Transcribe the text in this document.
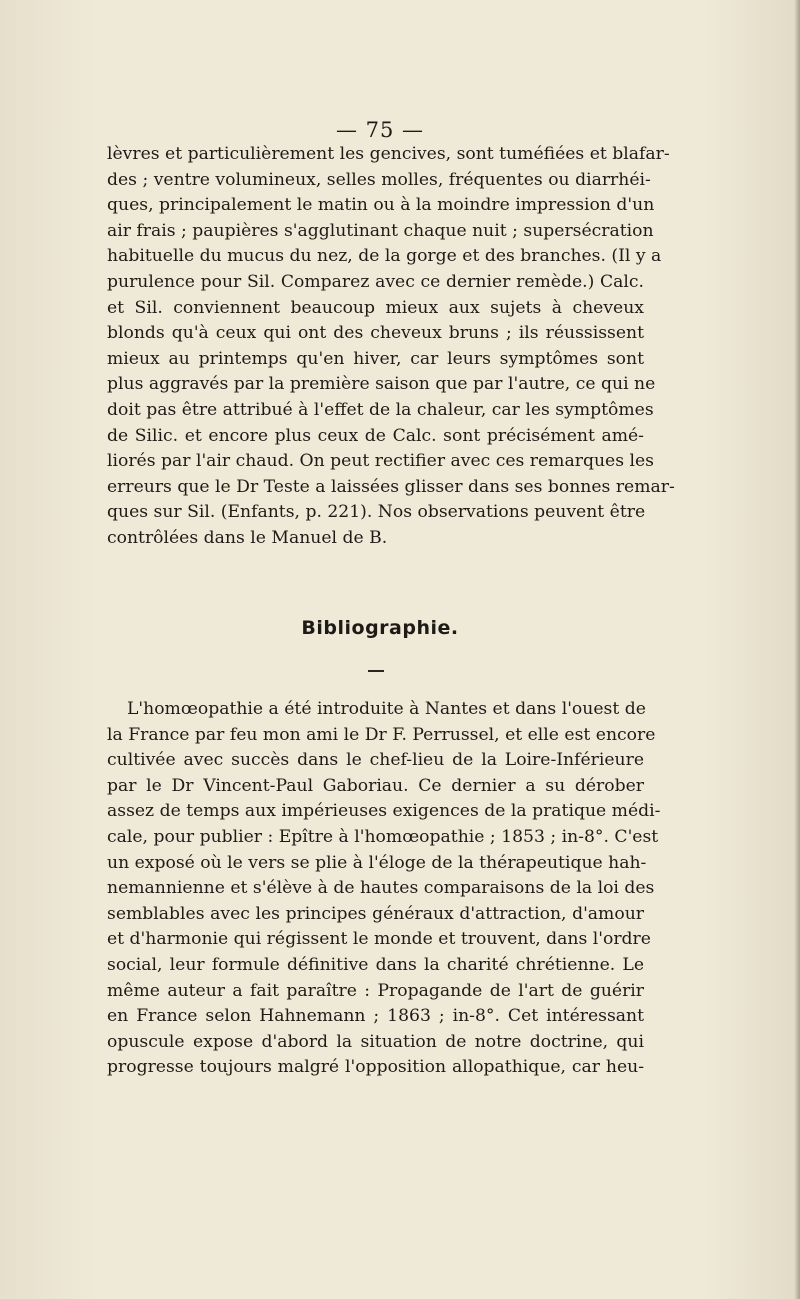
— 75 —
lèvres et particulièrement les gencives, sont tuméfiées et blafar-
des ; ventre volumineux, selles molles, fréquentes ou diarrhéi-
ques, principalement le matin ou à la moindre impression d'un
air frais ; paupières s'agglutinant chaque nuit ; supersécration
habituelle du mucus du nez, de la gorge et des branches. (Il y a
purulence pour Sil. Comparez avec ce dernier remède.) Calc.
et Sil. conviennent beaucoup mieux aux sujets à cheveux
blonds qu'à ceux qui ont des cheveux bruns ; ils réussissent
mieux au printemps qu'en hiver, car leurs symptômes sont
plus aggravés par la première saison que par l'autre, ce qui ne
doit pas être attribué à l'effet de la chaleur, car les symptômes
de Silic. et encore plus ceux de Calc. sont précisément amé-
liorés par l'air chaud. On peut rectifier avec ces remarques les
erreurs que le Dr Teste a laissées glisser dans ses bonnes remar-
ques sur Sil. (Enfants, p. 221). Nos observations peuvent être
contrôlées dans le Manuel de B.
Bibliographie.
L'homœopathie a été introduite à Nantes et dans l'ouest de
la France par feu mon ami le Dr F. Perrussel, et elle est encore
cultivée avec succès dans le chef-lieu de la Loire-Inférieure
par le Dr Vincent-Paul Gaboriau. Ce dernier a su dérober
assez de temps aux impérieuses exigences de la pratique médi-
cale, pour publier : Epître à l'homœopathie ; 1853 ; in-8°. C'est
un exposé où le vers se plie à l'éloge de la thérapeutique hah-
nemannienne et s'élève à de hautes comparaisons de la loi des
semblables avec les principes généraux d'attraction, d'amour
et d'harmonie qui régissent le monde et trouvent, dans l'ordre
social, leur formule définitive dans la charité chrétienne. Le
même auteur a fait paraître : Propagande de l'art de guérir
en France selon Hahnemann ; 1863 ; in-8°. Cet intéressant
opuscule expose d'abord la situation de notre doctrine, qui
progresse toujours malgré l'opposition allopathique, car heu-
